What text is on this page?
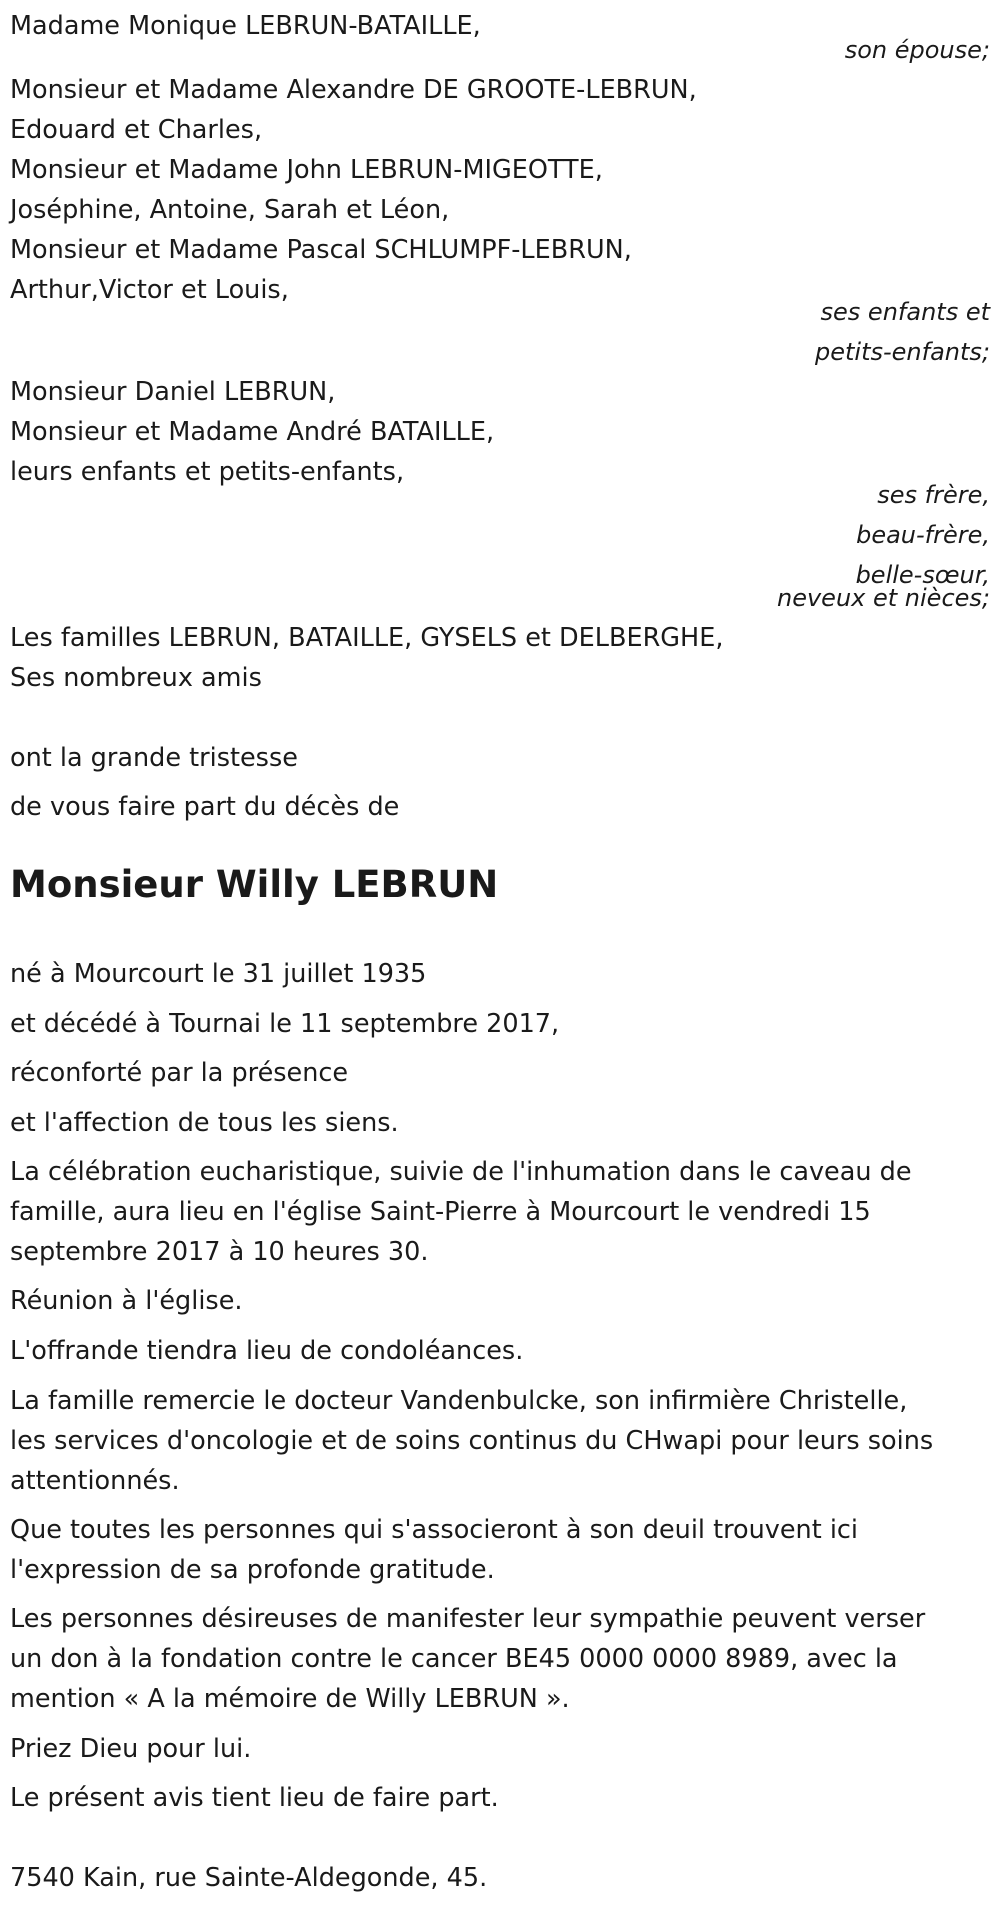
Madame Monique LEBRUN-BATAILLE,
son épouse;
Monsieur et Madame Alexandre DE GROOTE-LEBRUN,
Edouard et Charles,
Monsieur et Madame John LEBRUN-MIGEOTTE,
Joséphine, Antoine, Sarah et Léon,
Monsieur et Madame Pascal SCHLUMPF-LEBRUN,
Arthur,Victor et Louis,
ses enfants et
petits-enfants;
Monsieur Daniel LEBRUN,
Monsieur et Madame André BATAILLE,
leurs enfants et petits-enfants,
ses frère,
beau-frère,
belle-sœur,
neveux et nièces;
Les familles LEBRUN, BATAILLE, GYSELS et DELBERGHE,
Ses nombreux amis
ont la grande tristesse
de vous faire part du décès de
Monsieur Willy LEBRUN
né à Mourcourt le 31 juillet 1935
et décédé à Tournai le 11 septembre 2017,
réconforté par la présence
et l'affection de tous les siens.
La célébration eucharistique, suivie de l'inhumation dans le caveau de
famille, aura lieu en l'église Saint-Pierre à Mourcourt le vendredi 15
septembre 2017 à 10 heures 30.
Réunion à l'église.
L'offrande tiendra lieu de condoléances.
La famille remercie le docteur Vandenbulcke, son infirmière Christelle,
les services d'oncologie et de soins continus du CHwapi pour leurs soins
attentionnés.
Que toutes les personnes qui s'associeront à son deuil trouvent ici
l'expression de sa profonde gratitude.
Les personnes désireuses de manifester leur sympathie peuvent verser
un don à la fondation contre le cancer BE45 0000 0000 8989, avec la
mention « A la mémoire de Willy LEBRUN ».
Priez Dieu pour lui.
Le présent avis tient lieu de faire part.
7540 Kain, rue Sainte-Aldegonde, 45.
